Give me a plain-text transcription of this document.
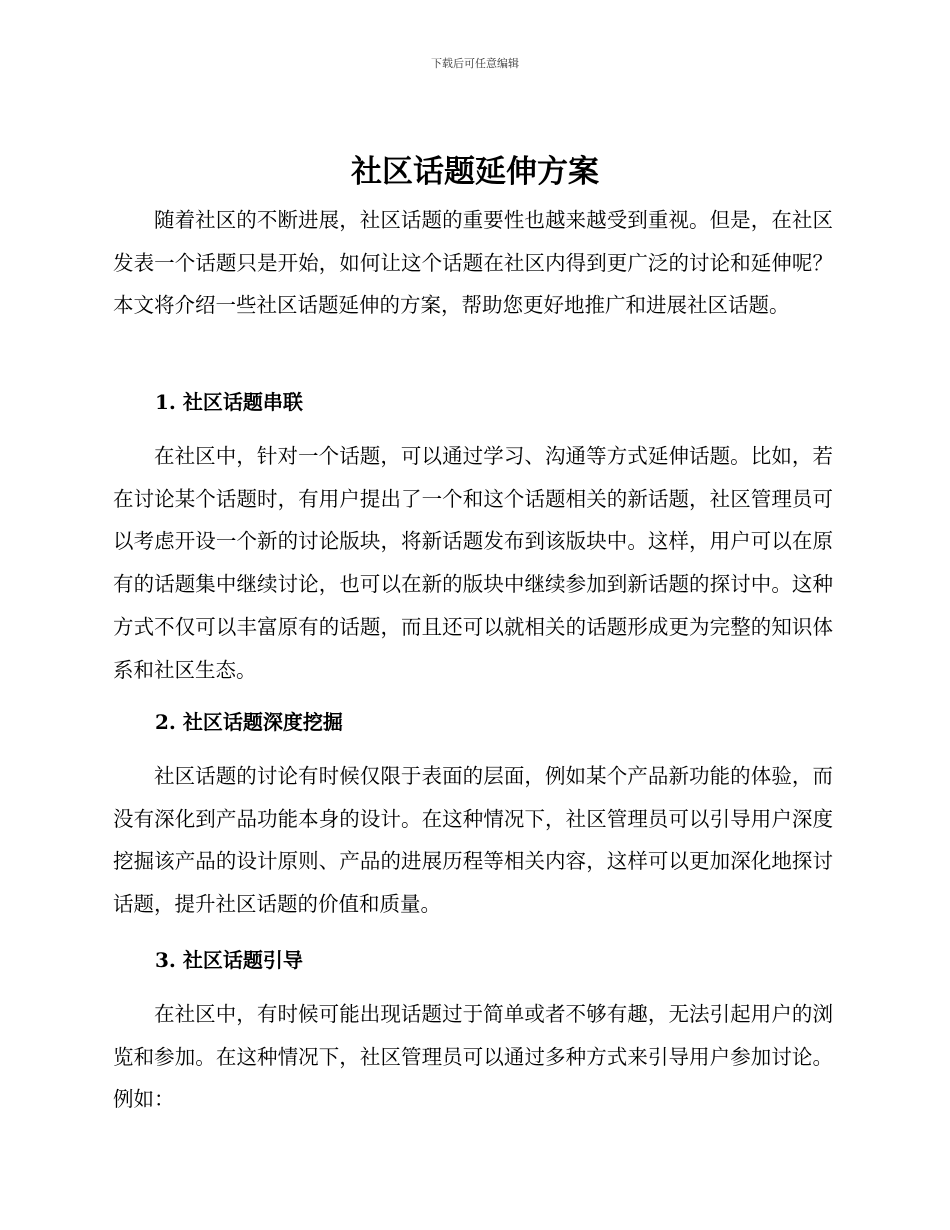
下载后可任意编辑
社区话题延伸方案

随着社区的不断进展，社区话题的重要性也越来越受到重视。但是，在社区发表一个话题只是开始，如何让这个话题在社区内得到更广泛的讨论和延伸呢？本文将介绍一些社区话题延伸的方案，帮助您更好地推广和进展社区话题。

1. 社区话题串联

在社区中，针对一个话题，可以通过学习、沟通等方式延伸话题。比如，若在讨论某个话题时，有用户提出了一个和这个话题相关的新话题，社区管理员可以考虑开设一个新的讨论版块，将新话题发布到该版块中。这样，用户可以在原有的话题集中继续讨论，也可以在新的版块中继续参加到新话题的探讨中。这种方式不仅可以丰富原有的话题，而且还可以就相关的话题形成更为完整的知识体系和社区生态。

2. 社区话题深度挖掘

社区话题的讨论有时候仅限于表面的层面，例如某个产品新功能的体验，而没有深化到产品功能本身的设计。在这种情况下，社区管理员可以引导用户深度挖掘该产品的设计原则、产品的进展历程等相关内容，这样可以更加深化地探讨话题，提升社区话题的价值和质量。

3. 社区话题引导

在社区中，有时候可能出现话题过于简单或者不够有趣，无法引起用户的浏览和参加。在这种情况下，社区管理员可以通过多种方式来引导用户参加讨论。例如：
